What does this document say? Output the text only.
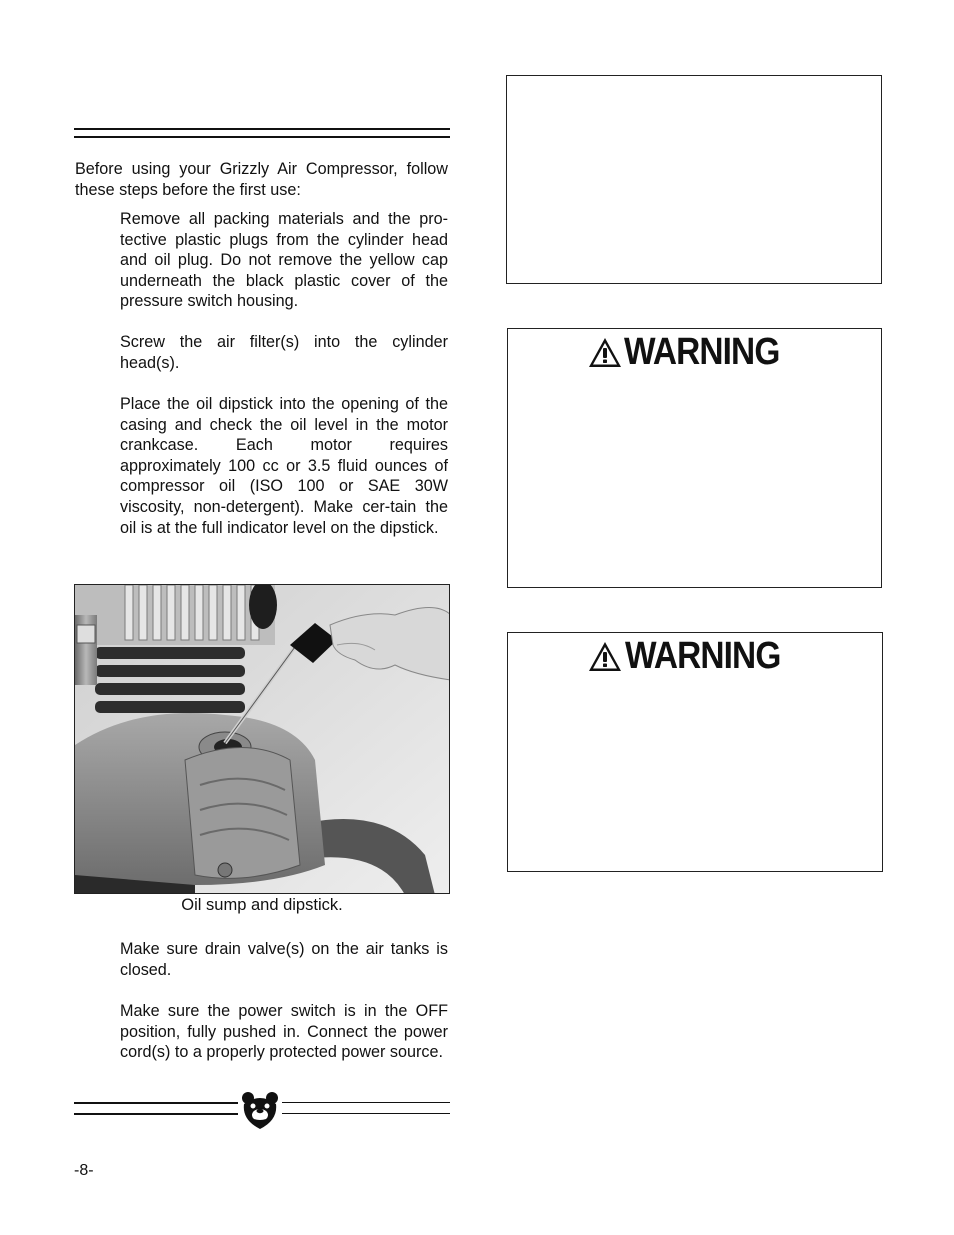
Before using your Grizzly Air Compressor, follow these steps before the first use:

Remove all packing materials and the pro-tective plastic plugs from the cylinder head and oil plug. Do not remove the yellow cap underneath the black plastic cover of the pressure switch housing.

Screw the air filter(s) into the cylinder head(s).

Place the oil dipstick into the opening of the casing and check the oil level in the motor crankcase. Each motor requires approximately 100 cc or 3.5 fluid ounces of compressor oil (ISO 100 or SAE 30W viscosity, non-detergent). Make cer-tain the oil is at the full indicator level on the dipstick.

Oil sump and dipstick.

Make sure drain valve(s) on the air tanks is closed.

Make sure the power switch is in the OFF position, fully pushed in. Connect the power cord(s) to a properly protected power source.

-8-
WARNING
WARNING
